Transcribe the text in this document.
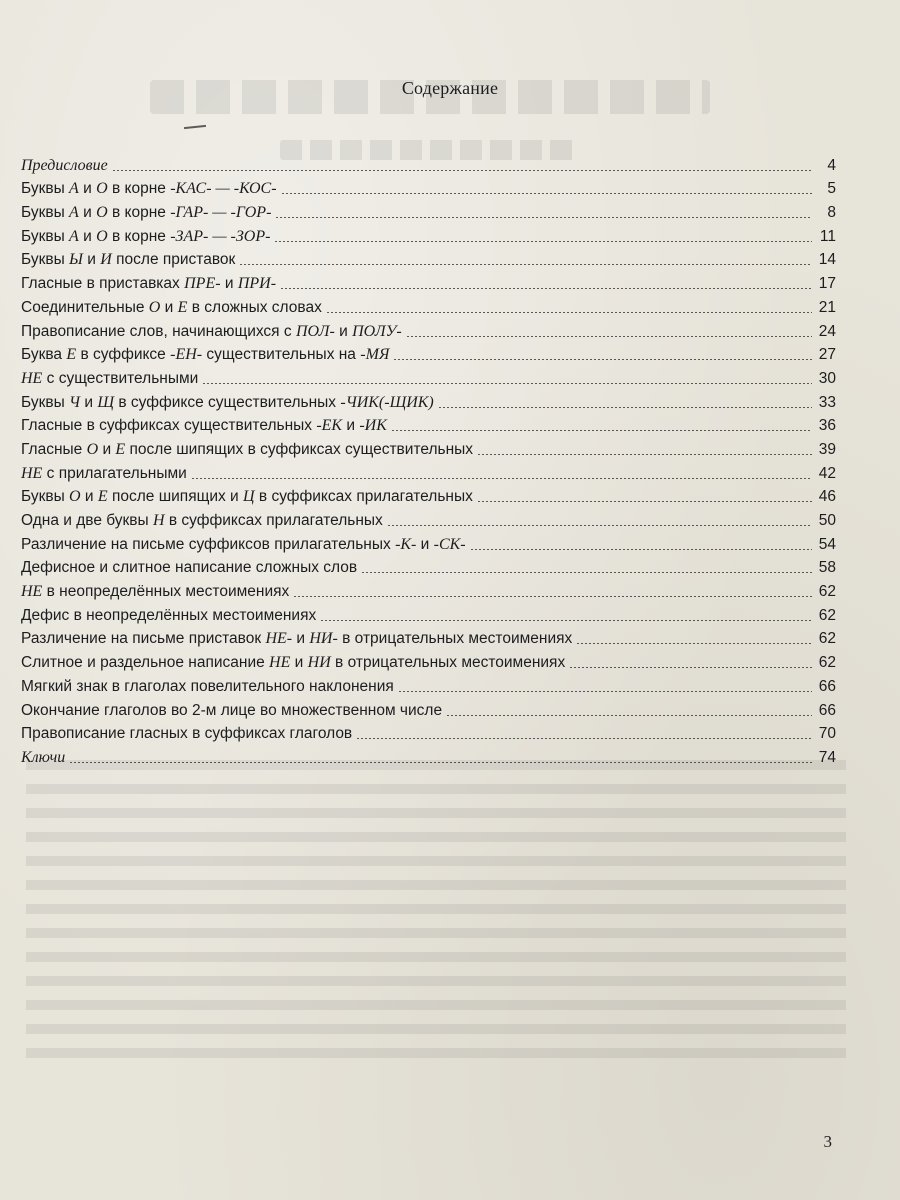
Содержание
Предисловие	4
Буквы А и О в корне -КАС- — -КОС-	5
Буквы А и О в корне -ГАР- — -ГОР-	8
Буквы А и О в корне -ЗАР- — -ЗОР-	11
Буквы Ы и И после приставок	14
Гласные в приставках ПРЕ- и ПРИ-	17
Соединительные О и Е в сложных словах	21
Правописание слов, начинающихся с ПОЛ- и ПОЛУ-	24
Буква Е в суффиксе -ЕН- существительных на -МЯ	27
НЕ с существительными	30
Буквы Ч и Щ в суффиксе существительных -ЧИК(-ЩИК)	33
Гласные в суффиксах существительных -ЕК и -ИК	36
Гласные О и Е после шипящих в суффиксах существительных	39
НЕ с прилагательными	42
Буквы О и Е после шипящих и Ц в суффиксах прилагательных	46
Одна и две буквы Н в суффиксах прилагательных	50
Различение на письме суффиксов прилагательных -К- и -СК-	54
Дефисное и слитное написание сложных слов	58
НЕ в неопределённых местоимениях	62
Дефис в неопределённых местоимениях	62
Различение на письме приставок НЕ- и НИ- в отрицательных местоимениях	62
Слитное и раздельное написание НЕ и НИ в отрицательных местоимениях	62
Мягкий знак в глаголах повелительного наклонения	66
Окончание глаголов во 2-м лице во множественном числе	66
Правописание гласных в суффиксах глаголов	70
Ключи	74
3
